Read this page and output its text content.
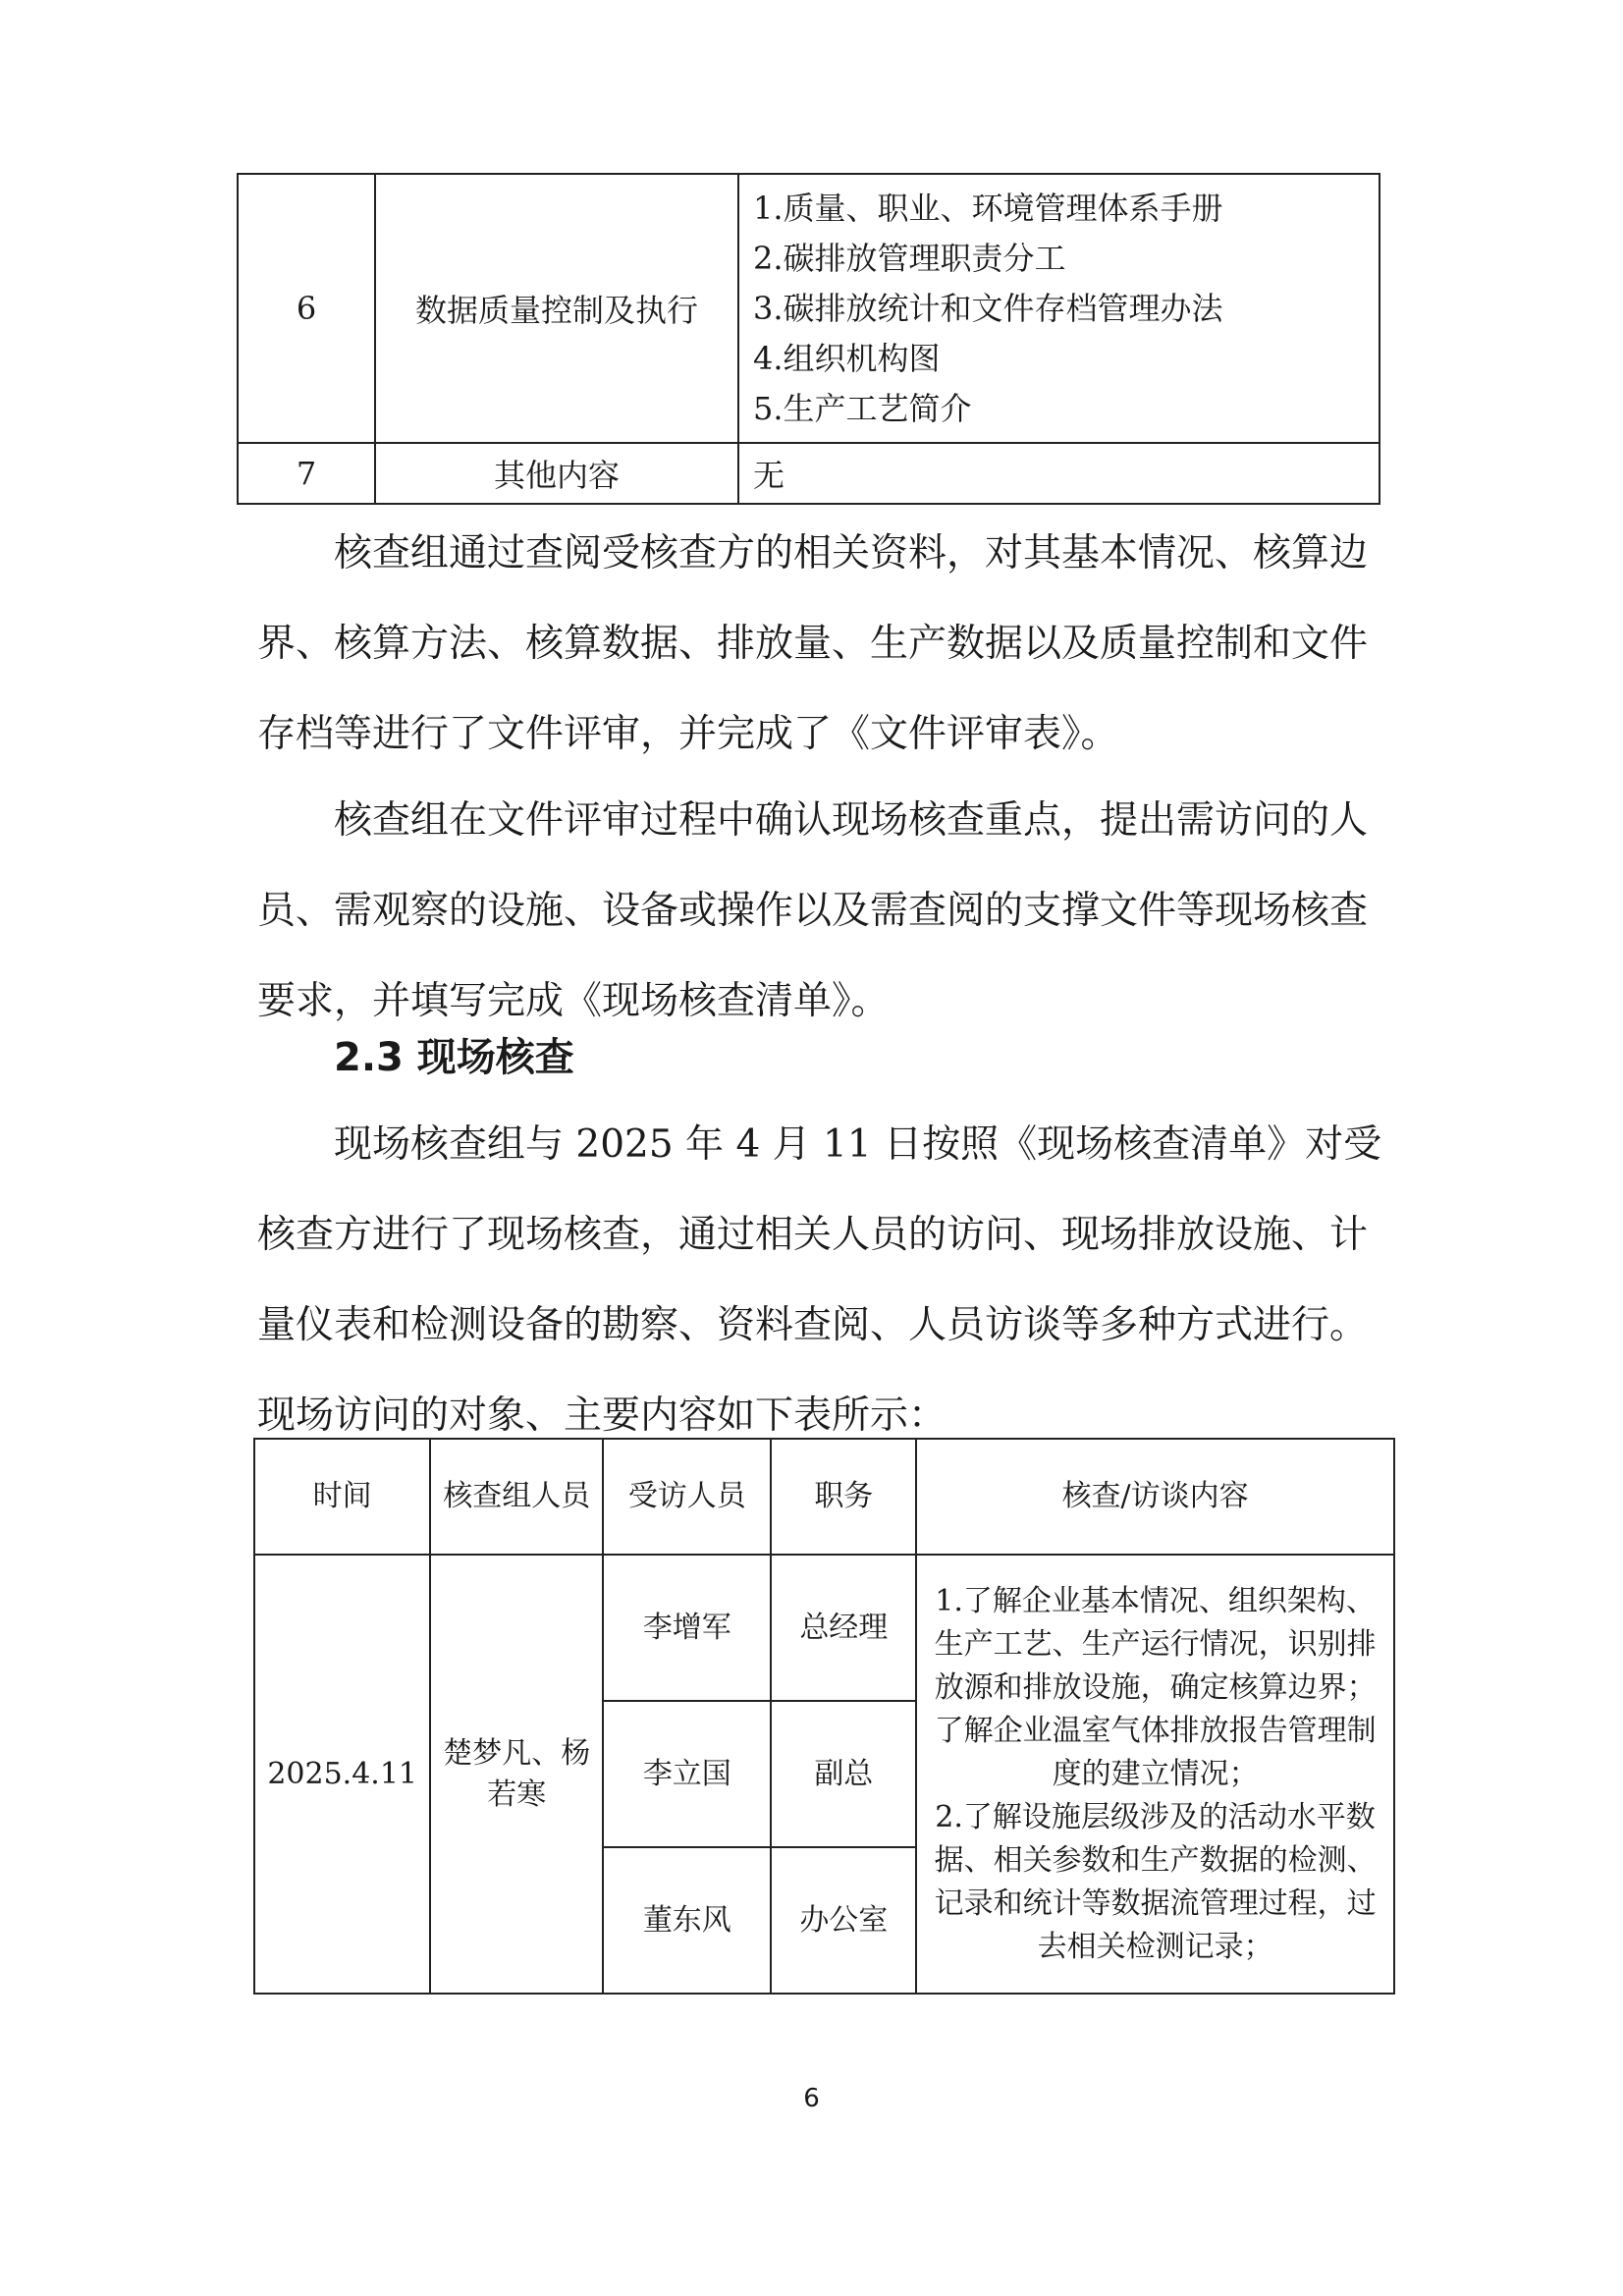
6	数据质量控制及执行	1.质量、职业、环境管理体系手册
2.碳排放管理职责分工
3.碳排放统计和文件存档管理办法
4.组织机构图
5.生产工艺简介

7	其他内容	无

核查组通过查阅受核查方的相关资料，对其基本情况、核算边界、核算方法、核算数据、排放量、生产数据以及质量控制和文件存档等进行了文件评审，并完成了《文件评审表》。

核查组在文件评审过程中确认现场核查重点，提出需访问的人员、需观察的设施、设备或操作以及需查阅的支撑文件等现场核查要求，并填写完成《现场核查清单》。

2.3 现场核查

现场核查组与 2025 年 4 月 11 日按照《现场核查清单》对受核查方进行了现场核查，通过相关人员的访问、现场排放设施、计量仪表和检测设备的勘察、资料查阅、人员访谈等多种方式进行。现场访问的对象、主要内容如下表所示：

时间	核查组人员	受访人员	职务	核查/访谈内容
2025.4.11	楚梦凡、杨若寒	李增军	总经理	1.了解企业基本情况、组织架构、生产工艺、生产运行情况，识别排放源和排放设施，确定核算边界；了解企业温室气体排放报告管理制度的建立情况；
2.了解设施层级涉及的活动水平数据、相关参数和生产数据的检测、记录和统计等数据流管理过程，过去相关检测记录；

		李立国	副总	
		董东风	办公室	
6
